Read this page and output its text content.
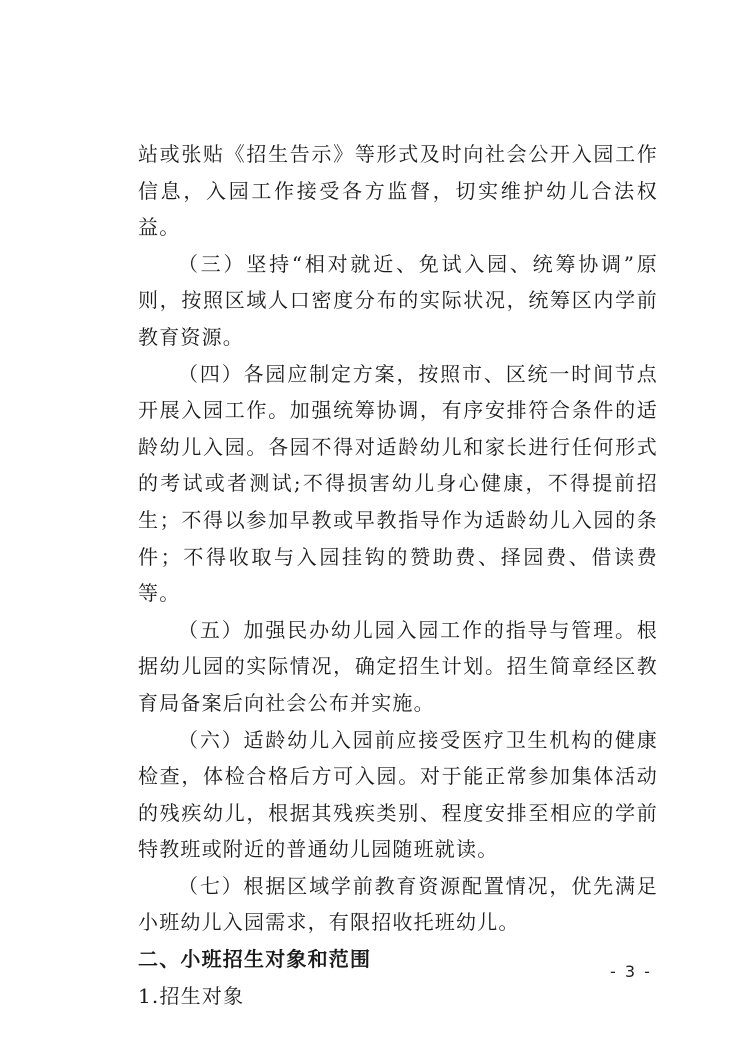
站或张贴《招生告示》等形式及时向社会公开入园工作信息，入园工作接受各方监督，切实维护幼儿合法权益。

（三）坚持“相对就近、免试入园、统筹协调”原则，按照区域人口密度分布的实际状况，统筹区内学前教育资源。

（四）各园应制定方案，按照市、区统一时间节点开展入园工作。加强统筹协调，有序安排符合条件的适龄幼儿入园。各园不得对适龄幼儿和家长进行任何形式的考试或者测试;不得损害幼儿身心健康，不得提前招生；不得以参加早教或早教指导作为适龄幼儿入园的条件；不得收取与入园挂钩的赞助费、择园费、借读费等。

（五）加强民办幼儿园入园工作的指导与管理。根据幼儿园的实际情况，确定招生计划。招生简章经区教育局备案后向社会公布并实施。

（六）适龄幼儿入园前应接受医疗卫生机构的健康检查，体检合格后方可入园。对于能正常参加集体活动的残疾幼儿，根据其残疾类别、程度安排至相应的学前特教班或附近的普通幼儿园随班就读。

（七）根据区域学前教育资源配置情况，优先满足小班幼儿入园需求，有限招收托班幼儿。

二、小班招生对象和范围

1.招生对象

- 3 -
